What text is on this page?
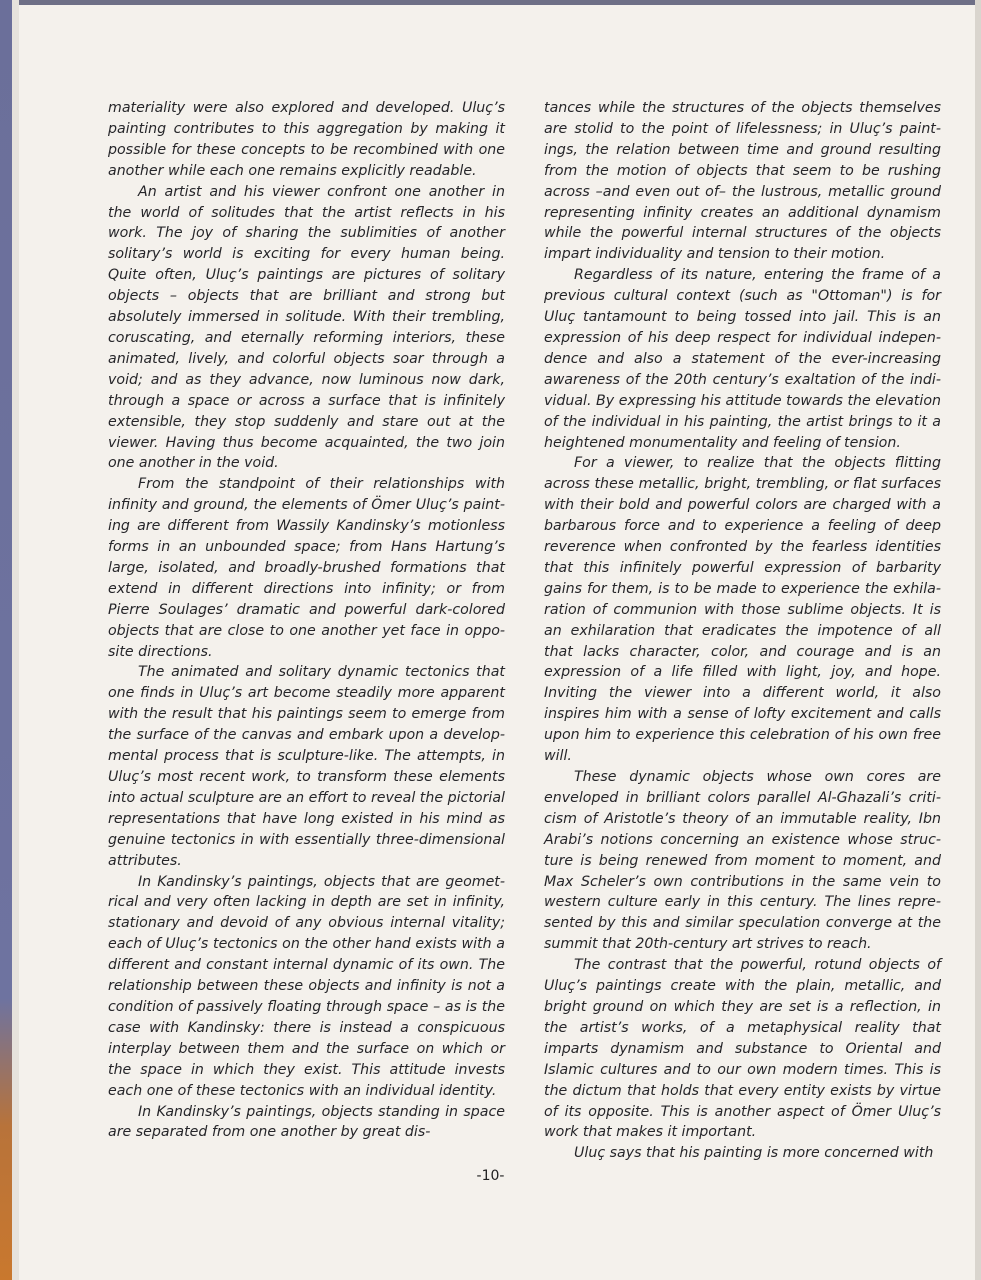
materiality were also explored and developed. Uluç’s painting contributes to this aggregation by making it possible for these concepts to be recombined with one another while each one remains explicitly readable.

An artist and his viewer confront one another in the world of solitudes that the artist reflects in his work. The joy of sharing the sublimities of another solitary’s world is exciting for every human being. Quite often, Uluç’s paintings are pictures of solitary objects – objects that are brilliant and strong but absolutely immersed in solitude. With their trembling, coruscating, and eternally reforming interiors, these animated, lively, and colorful objects soar through a void; and as they advance, now luminous now dark, through a space or across a surface that is infinitely extensible, they stop suddenly and stare out at the viewer. Having thus become acquainted, the two join one another in the void.

From the standpoint of their relationships with infinity and ground, the elements of Ömer Uluç’s painting are different from Wassily Kandinsky’s motionless forms in an unbounded space; from Hans Hartung’s large, isolated, and broadly-brushed formations that extend in different directions into infinity; or from Pierre Soulages’ dramatic and powerful dark-colored objects that are close to one another yet face in opposite directions.

The animated and solitary dynamic tectonics that one finds in Uluç’s art become steadily more apparent with the result that his paintings seem to emerge from the surface of the canvas and embark upon a developmental process that is sculpture-like. The attempts, in Uluç’s most recent work, to transform these elements into actual sculpture are an effort to reveal the pictorial representations that have long existed in his mind as genuine tectonics in with essentially three-dimensional attributes.

In Kandinsky’s paintings, objects that are geometrical and very often lacking in depth are set in infinity, stationary and devoid of any obvious internal vitality; each of Uluç’s tectonics on the other hand exists with a different and constant internal dynamic of its own. The relationship between these objects and infinity is not a condition of passively floating through space – as is the case with Kandinsky: there is instead a conspicuous interplay between them and the surface on which or the space in which they exist. This attitude invests each one of these tectonics with an individual identity.

In Kandinsky’s paintings, objects standing in space are separated from one another by great dis-

tances while the structures of the objects themselves are stolid to the point of lifelessness; in Uluç’s paintings, the relation between time and ground resulting from the motion of objects that seem to be rushing across –and even out of– the lustrous, metallic ground representing infinity creates an additional dynamism while the powerful internal structures of the objects impart individuality and tension to their motion.

Regardless of its nature, entering the frame of a previous cultural context (such as "Ottoman") is for Uluç tantamount to being tossed into jail. This is an expression of his deep respect for individual independence and also a statement of the ever-increasing awareness of the 20th century’s exaltation of the individual. By expressing his attitude towards the elevation of the individual in his painting, the artist brings to it a heightened monumentality and feeling of tension.

For a viewer, to realize that the objects flitting across these metallic, bright, trembling, or flat surfaces with their bold and powerful colors are charged with a barbarous force and to experience a feeling of deep reverence when confronted by the fearless identities that this infinitely powerful expression of barbarity gains for them, is to be made to experience the exhilaration of communion with those sublime objects. It is an exhilaration that eradicates the impotence of all that lacks character, color, and courage and is an expression of a life filled with light, joy, and hope. Inviting the viewer into a different world, it also inspires him with a sense of lofty excitement and calls upon him to experience this celebration of his own free will.

These dynamic objects whose own cores are enveloped in brilliant colors parallel Al-Ghazali’s criticism of Aristotle’s theory of an immutable reality, Ibn Arabi’s notions concerning an existence whose structure is being renewed from moment to moment, and Max Scheler’s own contributions in the same vein to western culture early in this century. The lines represented by this and similar speculation converge at the summit that 20th-century art strives to reach.

The contrast that the powerful, rotund objects of Uluç’s paintings create with the plain, metallic, and bright ground on which they are set is a reflection, in the artist’s works, of a metaphysical reality that imparts dynamism and substance to Oriental and Islamic cultures and to our own modern times. This is the dictum that holds that every entity exists by virtue of its opposite. This is another aspect of Ömer Uluç’s work that makes it important.

Uluç says that his painting is more concerned with

-10-
